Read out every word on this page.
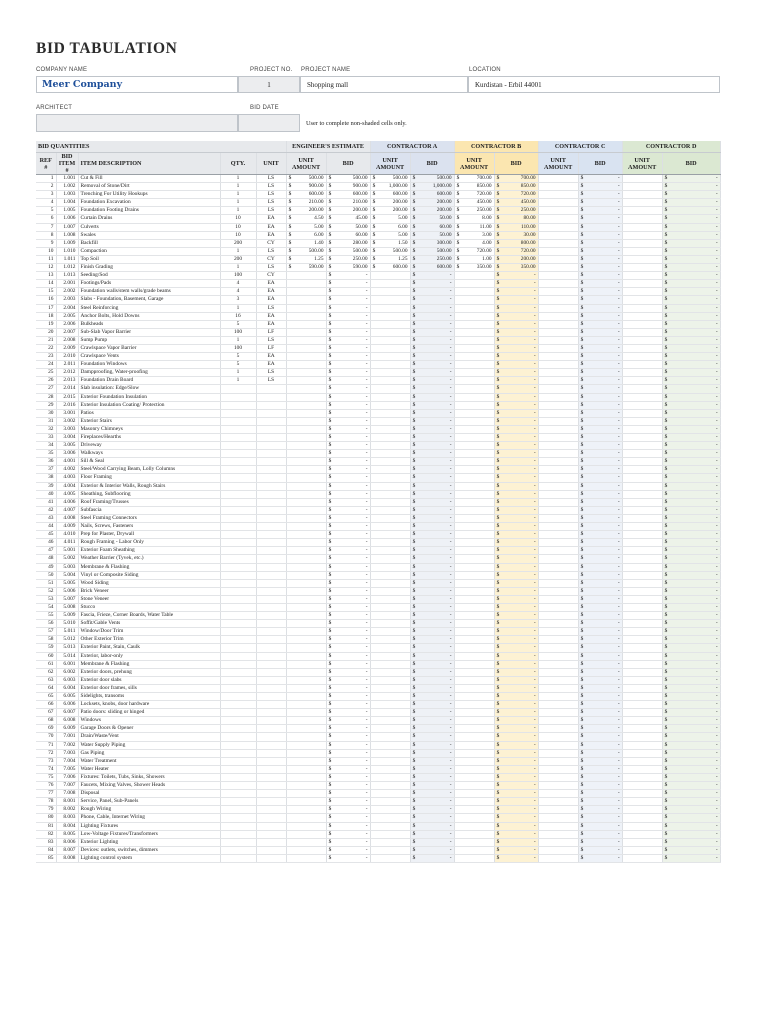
BID TABULATION
COMPANY NAME	PROJECT NO. PROJECT NAME	LOCATION
Meer Company	1	Shopping mall	Kurdistan - Erbil 44001
ARCHITECT	BID DATE
User to complete non-shaded cells only.
BID QUANTITIES					ENGINEER'S ESTIMATE		CONTRACTOR A		CONTRACTOR B		CONTRACTOR C		CONTRACTOR D	
REF #	BID ITEM #	ITEM DESCRIPTION	QTY.	UNIT	UNIT AMOUNT	BID	UNIT AMOUNT	BID	UNIT AMOUNT	BID	UNIT AMOUNT	BID	UNIT AMOUNT	BID
1	1.001	Cut & Fill	1	LS	$ 500.00	$ 500.00	$ 500.00	$ 500.00	$ 700.00	$ 700.00		$ -		$ -

2	1.002	Removal of Stone/Dirt	1	LS	$ 900.00	$ 900.00	$ 1,000.00	$ 1,000.00	$ 850.00	$ 850.00		$ -		$ -

3	1.003	Trenching For Utility Hookups	1	LS	$ 600.00	$ 600.00	$ 600.00	$ 600.00	$ 720.00	$ 720.00		$ -		$ -

4	1.004	Foundation Excavation	1	LS	$ 210.00	$ 210.00	$ 200.00	$ 200.00	$ 450.00	$ 450.00		$ -		$ -

5	1.005	Foundation Footing Drains	1	LS	$ 200.00	$ 200.00	$ 200.00	$ 200.00	$ 250.00	$ 250.00		$ -		$ -

6	1.006	Curtain Drains	10	EA	$ 4.50	$ 45.00	$ 5.00	$ 50.00	$ 8.00	$ 80.00		$ -		$ -

7	1.007	Culverts	10	EA	$ 5.00	$ 50.00	$ 6.00	$ 60.00	$ 11.00	$ 110.00		$ -		$ -

8	1.008	Swales	10	EA	$ 6.00	$ 60.00	$ 5.00	$ 50.00	$ 3.00	$ 30.00		$ -		$ -

9	1.009	Backfill	200	CY	$ 1.40	$ 280.00	$ 1.50	$ 300.00	$ 4.00	$ 800.00		$ -		$ -

10	1.010	Compaction	1	LS	$ 500.00	$ 500.00	$ 500.00	$ 500.00	$ 720.00	$ 720.00		$ -		$ -

11	1.011	Top Soil	200	CY	$ 1.25	$ 250.00	$ 1.25	$ 250.00	$ 1.00	$ 200.00		$ -		$ -

12	1.012	Finish Grading	1	LS	$ 590.00	$ 590.00	$ 600.00	$ 600.00	$ 350.00	$ 350.00		$ -		$ -

13	1.013	Seeding/Sod	100	CY		$ -		$ -		$ -		$ -		$ -

14	2.001	Footings/Pads	4	EA		$ -		$ -		$ -		$ -		$ -

15	2.002	Foundation walls/stem walls/grade beams	4	EA		$ -		$ -		$ -		$ -		$ -

16	2.003	Slabs - Foundation, Basement, Garage	3	EA		$ -		$ -		$ -		$ -		$ -

17	2.004	Steel Reinforcing	1	LS		$ -		$ -		$ -		$ -		$ -

18	2.005	Anchor Bolts, Hold Downs	16	EA		$ -		$ -		$ -		$ -		$ -

19	2.006	Bulkheads	5	EA		$ -		$ -		$ -		$ -		$ -

20	2.007	Sub-Slab Vapor Barrier	100	LF		$ -		$ -		$ -		$ -		$ -

21	2.008	Sump Pump	1	LS		$ -		$ -		$ -		$ -		$ -

22	2.009	Crawlspace Vapor Barrier	100	LF		$ -		$ -		$ -		$ -		$ -

23	2.010	Crawlspace Vents	5	EA		$ -		$ -		$ -		$ -		$ -

24	2.011	Foundation Windows	5	EA		$ -		$ -		$ -		$ -		$ -

25	2.012	Dampproofing, Water-proofing	1	LS		$ -		$ -		$ -		$ -		$ -

26	2.013	Foundation Drain Board	1	LS		$ -		$ -		$ -		$ -		$ -

27	2.014	Slab insulation: Edge/Slow				$ -		$ -		$ -		$ -		$ -

28	2.015	Exterior Foundation Insulation				$ -		$ -		$ -		$ -		$ -

29	2.016	Exterior Insulation Coating/ Protection				$ -		$ -		$ -		$ -		$ -

30	3.001	Patios				$ -		$ -		$ -		$ -		$ -

31	3.002	Exterior Stairs				$ -		$ -		$ -		$ -		$ -

32	3.003	Masonry Chimneys				$ -		$ -		$ -		$ -		$ -

33	3.004	Fireplaces/Hearths				$ -		$ -		$ -		$ -		$ -

34	3.005	Driveway				$ -		$ -		$ -		$ -		$ -

35	3.006	Walkways				$ -		$ -		$ -		$ -		$ -

36	4.001	Sill & Seal				$ -		$ -		$ -		$ -		$ -

37	4.002	Steel/Wood Carrying Beam, Lolly Columns				$ -		$ -		$ -		$ -		$ -

38	4.003	Floor Framing				$ -		$ -		$ -		$ -		$ -

39	4.004	Exterior & Interior Walls, Rough Stairs				$ -		$ -		$ -		$ -		$ -

40	4.005	Sheathing, Subflooring				$ -		$ -		$ -		$ -		$ -

41	4.006	Roof Framing/Trusses				$ -		$ -		$ -		$ -		$ -

42	4.007	Subfascia				$ -		$ -		$ -		$ -		$ -

43	4.008	Steel Framing Connectors				$ -		$ -		$ -		$ -		$ -

44	4.009	Nails, Screws, Fasteners				$ -		$ -		$ -		$ -		$ -

45	4.010	Prep for Plaster, Drywall				$ -		$ -		$ -		$ -		$ -

46	4.011	Rough Framing - Labor Only				$ -		$ -		$ -		$ -		$ -

47	5.001	Exterior Foam Sheathing				$ -		$ -		$ -		$ -		$ -

48	5.002	Weather Barrier (Tyvek, etc.)				$ -		$ -		$ -		$ -		$ -

49	5.003	Membrane & Flashing				$ -		$ -		$ -		$ -		$ -

50	5.004	Vinyl or Composite Siding				$ -		$ -		$ -		$ -		$ -

51	5.005	Wood Siding				$ -		$ -		$ -		$ -		$ -

52	5.006	Brick Veneer				$ -		$ -		$ -		$ -		$ -

53	5.007	Stone Veneer				$ -		$ -		$ -		$ -		$ -

54	5.008	Stucco				$ -		$ -		$ -		$ -		$ -

55	5.009	Fascia, Frieze, Corner Boards, Water Table				$ -		$ -		$ -		$ -		$ -

56	5.010	Soffit/Gable Vents				$ -		$ -		$ -		$ -		$ -

57	5.011	Window/Door Trim				$ -		$ -		$ -		$ -		$ -

58	5.012	Other Exterior Trim				$ -		$ -		$ -		$ -		$ -

59	5.013	Exterior Paint, Stain, Caulk				$ -		$ -		$ -		$ -		$ -

60	5.014	Exterior, labor-only				$ -		$ -		$ -		$ -		$ -

61	6.001	Membrane & Flashing				$ -		$ -		$ -		$ -		$ -

62	6.002	Exterior doors, prehung				$ -		$ -		$ -		$ -		$ -

63	6.003	Exterior door slabs				$ -		$ -		$ -		$ -		$ -

64	6.004	Exterior door frames, sills				$ -		$ -		$ -		$ -		$ -

65	6.005	Sidelights, transoms				$ -		$ -		$ -		$ -		$ -

66	6.006	Locksets, knobs, door hardware				$ -		$ -		$ -		$ -		$ -

67	6.007	Patio doors: sliding or hinged				$ -		$ -		$ -		$ -		$ -

68	6.008	Windows				$ -		$ -		$ -		$ -		$ -

69	6.009	Garage Doors & Opener				$ -		$ -		$ -		$ -		$ -

70	7.001	Drain/Waste/Vent				$ -		$ -		$ -		$ -		$ -

71	7.002	Water Supply Piping				$ -		$ -		$ -		$ -		$ -

72	7.003	Gas Piping				$ -		$ -		$ -		$ -		$ -

73	7.004	Water Treatment				$ -		$ -		$ -		$ -		$ -

74	7.005	Water Heater				$ -		$ -		$ -		$ -		$ -

75	7.006	Fixtures: Toilets, Tubs, Sinks, Showers				$ -		$ -		$ -		$ -		$ -

76	7.007	Faucets, Mixing Valves, Shower Heads				$ -		$ -		$ -		$ -		$ -

77	7.008	Disposal				$ -		$ -		$ -		$ -		$ -

78	8.001	Service, Panel, Sub-Panels				$ -		$ -		$ -		$ -		$ -

79	8.002	Rough Wiring				$ -		$ -		$ -		$ -		$ -

80	8.003	Phone, Cable, Internet Wiring				$ -		$ -		$ -		$ -		$ -

81	8.004	Lighting Fixtures				$ -		$ -		$ -		$ -		$ -

82	8.005	Low-Voltage Fixtures/Transformers				$ -		$ -		$ -		$ -		$ -

83	8.006	Exterior Lighting				$ -		$ -		$ -		$ -		$ -

84	8.007	Devices: outlets, switches, dimmers				$ -		$ -		$ -		$ -		$ -

85	8.008	Lighting control system				$ -		$ -		$ -		$ -		$ -
